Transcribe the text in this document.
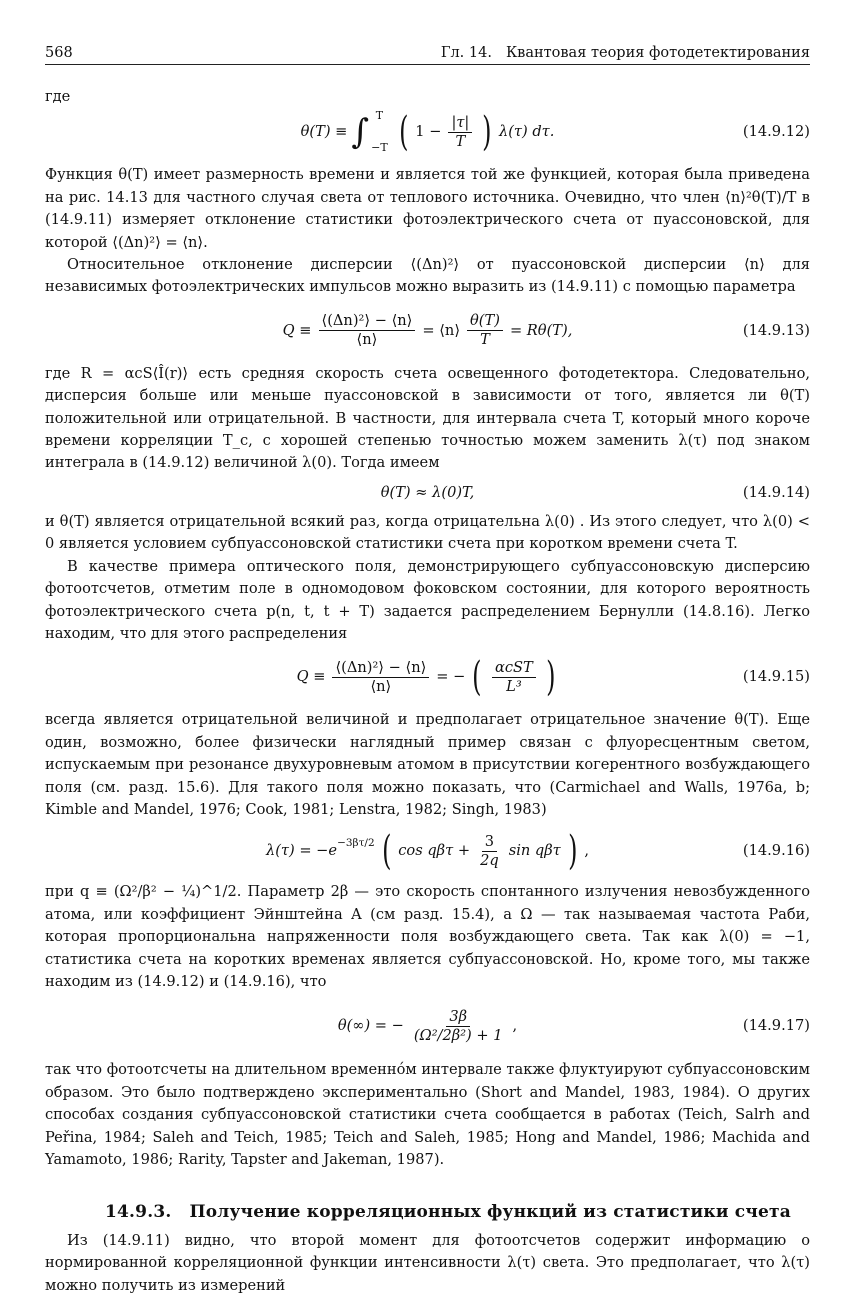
568	Гл. 14. Квантовая теория фотодетектирования

где

θ(T) ≡ ∫ T
−T ( $1 - \frac{|\tau|}{T}$ ) λ(τ) dτ.	(14.9.12)

Функция θ(T) имеет размерность времени и является той же функцией, которая была приведена на рис. 14.13 для частного случая света от теплового источника. Очевидно, что член ⟨n⟩²θ(T)/T в (14.9.11) измеряет отклонение статистики фотоэлектрического счета от пуассоновской, для которой ⟨(Δn)²⟩ = ⟨n⟩.

Относительное отклонение дисперсии ⟨(Δn)²⟩ от пуассоновской дисперсии ⟨n⟩ для независимых фотоэлектрических импульсов можно выразить из (14.9.11) с помощью параметра

$Q \equiv \frac{\text{⟨(Δn)²⟩ − ⟨n⟩}}{⟨n⟩}$ = ⟨n⟩ $\frac{\theta(T)}{T} = R\theta(T)$,	(14.9.13)

где R = αcS⟨Î(r)⟩ есть средняя скорость счета освещенного фотодетектора. Следовательно, дисперсия больше или меньше пуассоновской в зависимости от того, является ли θ(T) положительной или отрицательной. В частности, для интервала счета T, который много короче времени корреляции T_c, с хорошей степенью точностью можем заменить λ(τ) под знаком интеграла в (14.9.12) величиной λ(0). Тогда имеем

θ(T) ≈ λ(0)T,	(14.9.14)

и θ(T) является отрицательной всякий раз, когда отрицательна λ(0) . Из этого следует, что λ(0) < 0 является условием субпуассоновской статистики счета при коротком времени счета T.

В качестве примера оптического поля, демонстрирующего субпуассоновскую дисперсию фотоотсчетов, отметим поле в одномодовом фоковском состоянии, для которого вероятность фотоэлектрического счета p(n, t, t + T) задается распределением Бернулли (14.8.16). Легко находим, что для этого распределения

$Q \equiv \frac{\text{⟨(Δn)²⟩ − ⟨n⟩}}{⟨n⟩}$ = − ( $\frac{\text{αcST}}{\text{L³}}$ )	(14.9.15)

всегда является отрицательной величиной и предполагает отрицательное значение θ(T). Еще один, возможно, более физически наглядный пример связан с флуоресцентным светом, испускаемым при резонансе двухуровневым атомом в присутствии когерентного возбуждающего поля (см. разд. 15.6). Для такого поля можно показать, что (Carmichael and Walls, 1976a, b; Kimble and Mandel, 1976; Cook, 1981; Lenstra, 1982; Singh, 1983)

$\lambda(\tau) = -e^{-3\beta\tau/2}$ ( $\cos q\beta\tau + \frac{3}{2q}$ sin qβτ ) ,	(14.9.16)

при q ≡ (Ω²/β² − ¼)^1/2. Параметр 2β — это скорость спонтанного излучения невозбужденного атома, или коэффициент Эйнштейна A (см разд. 15.4), а Ω — так называемая частота Раби, которая пропорциональна напряженности поля возбуждающего света. Так как λ(0) = −1, статистика счета на коротких временах является субпуассоновской. Но, кроме того, мы также находим из (14.9.12) и (14.9.16), что

θ(∞) = − $\frac{3\beta}{\text{(Ω²/2β²) + 1}}$ ,	(14.9.17)

так что фотоотсчеты на длительном временнóм интервале также флуктуируют субпуассоновским образом. Это было подтверждено экспериментально (Short and Mandel, 1983, 1984). О других способах создания субпуассоновской статистики счета сообщается в работах (Teich, Salrh and Peřina, 1984; Saleh and Teich, 1985; Teich and Saleh, 1985; Hong and Mandel, 1986; Machida and Yamamoto, 1986; Rarity, Tapster and Jakeman, 1987).

14.9.3. Получение корреляционных функций из статистики счета

Из (14.9.11) видно, что второй момент для фотоотсчетов содержит информацию о нормированной корреляционной функции интенсивности λ(τ) света. Это предполагает, что λ(τ) можно получить из измерений
